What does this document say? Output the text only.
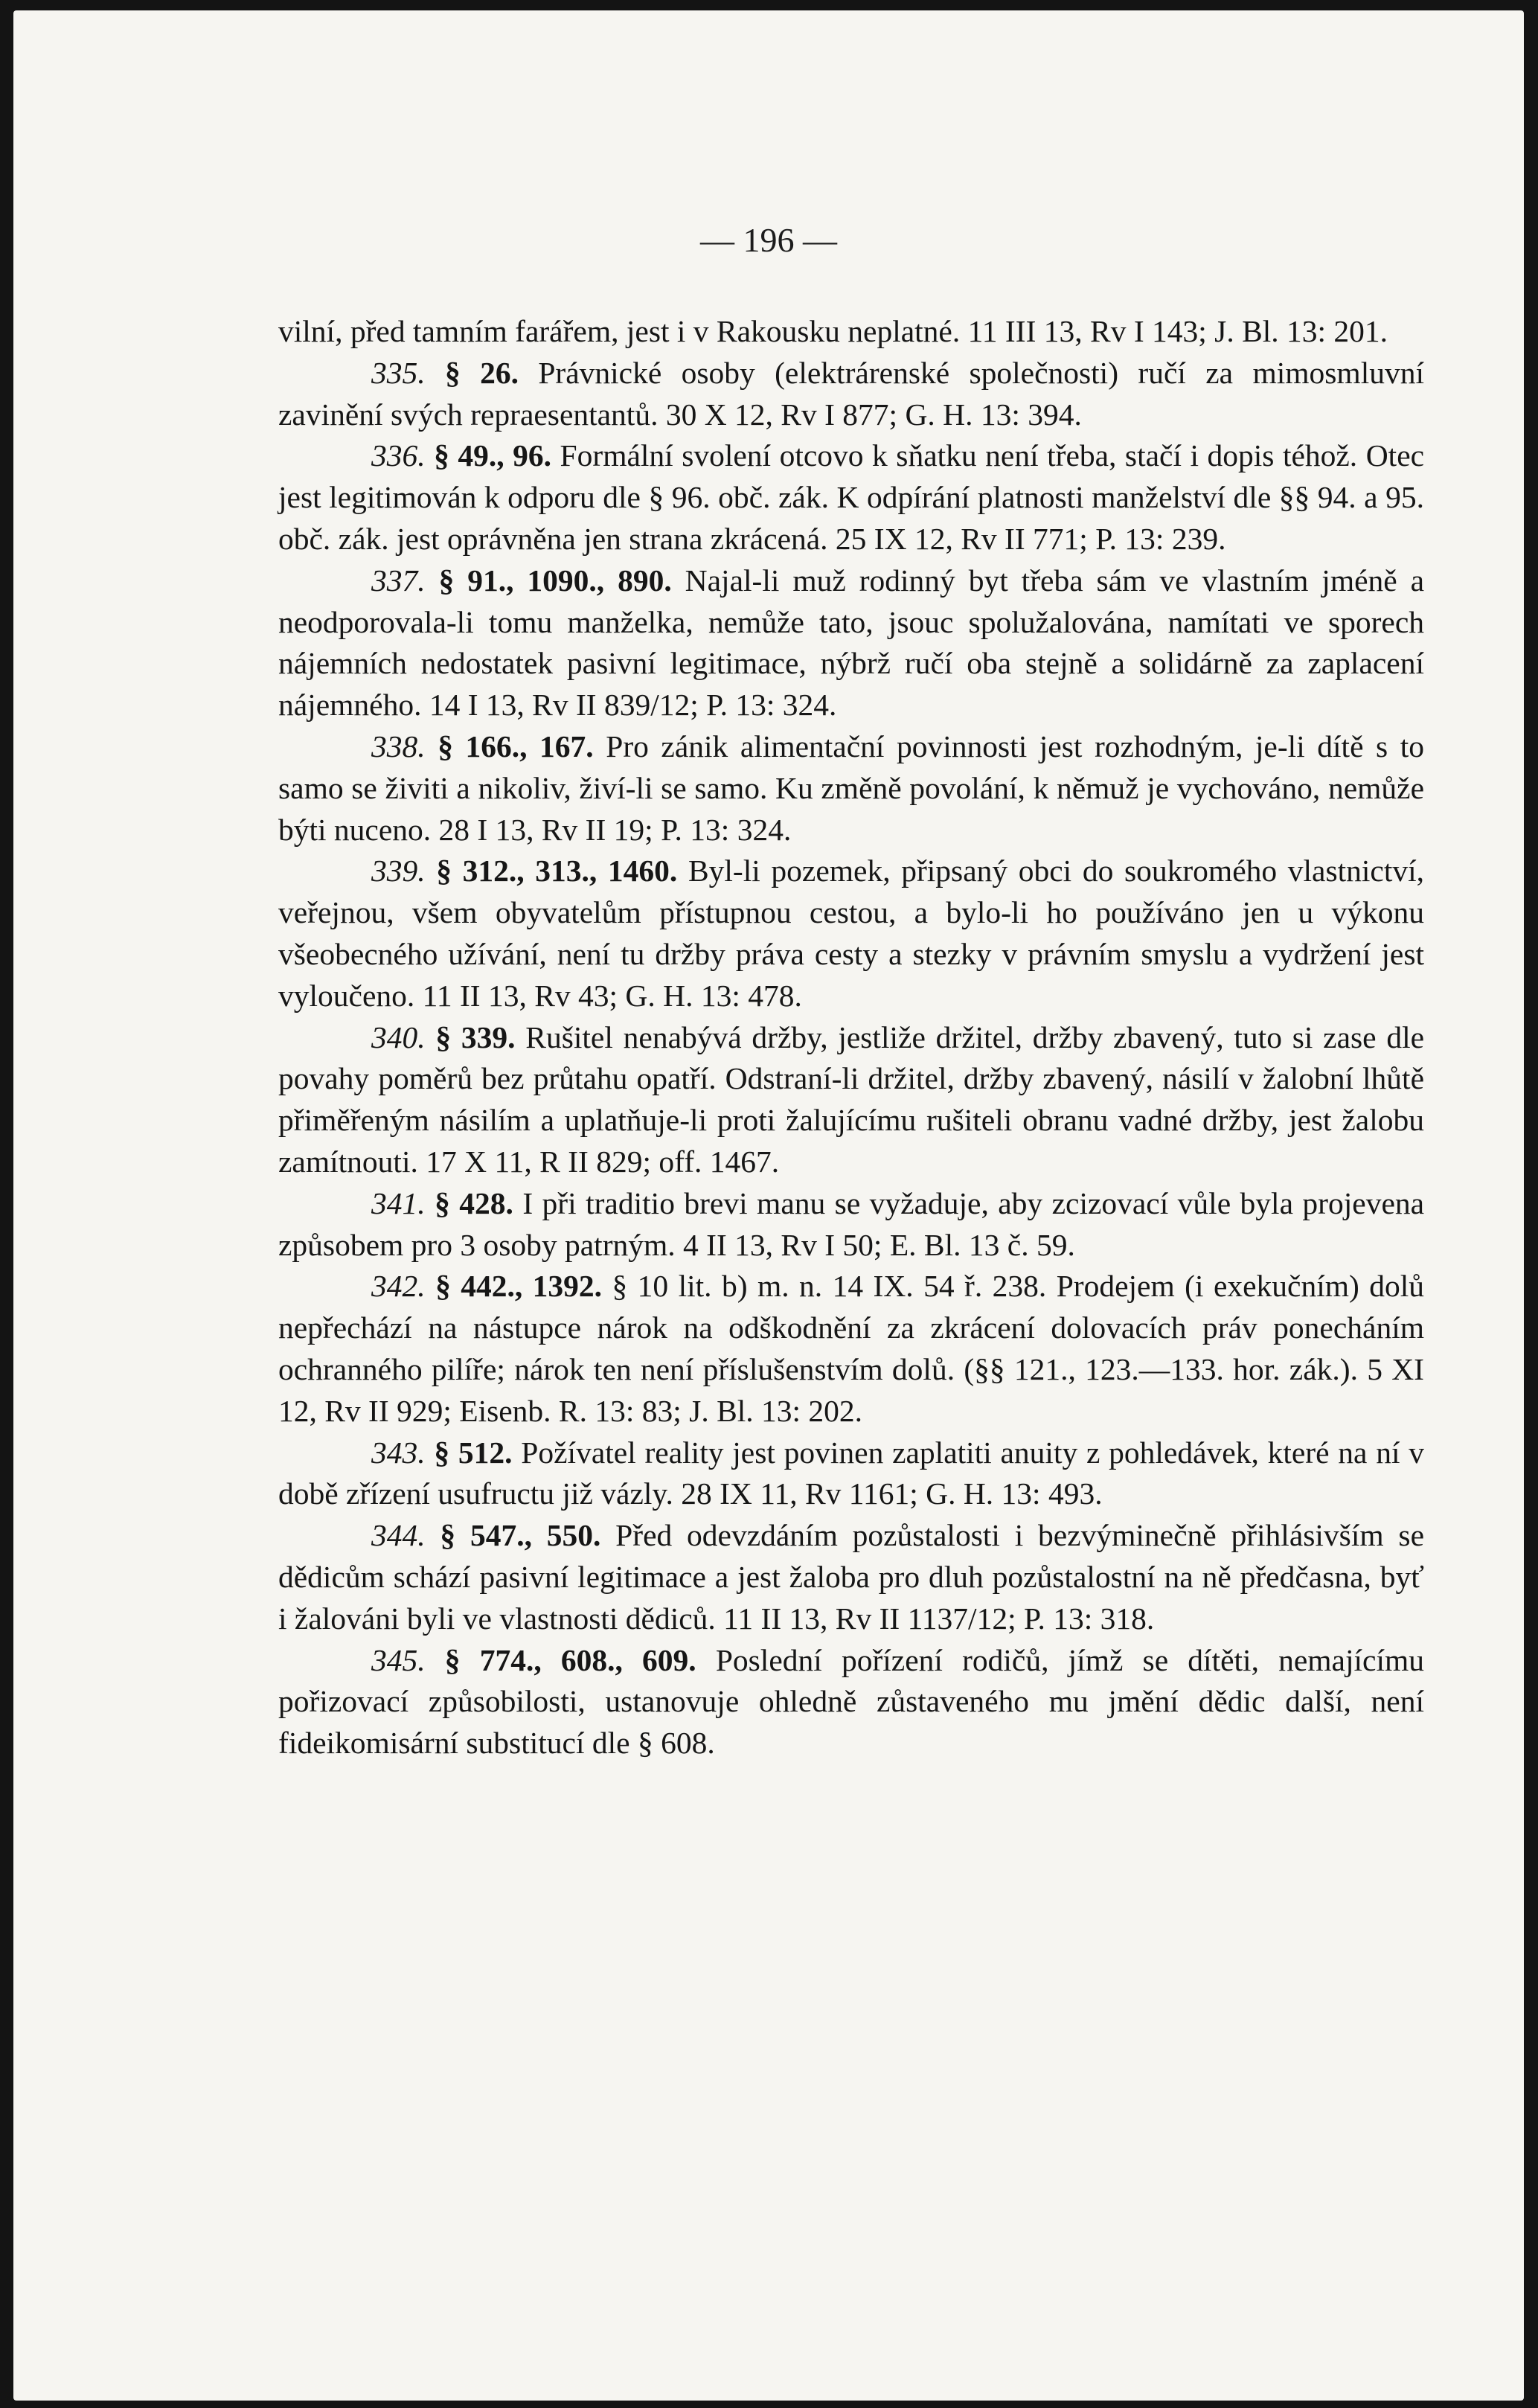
— 196 —

vilní, před tamním farářem, jest i v Rakousku neplatné. 11 III 13, Rv I 143; J. Bl. 13: 201.

335. § 26. Právnické osoby (elektrárenské společnosti) ručí za mimosmluvní zavinění svých repraesentantů. 30 X 12, Rv I 877; G. H. 13: 394.

336. § 49., 96. Formální svolení otcovo k sňatku není třeba, stačí i dopis téhož. Otec jest legitimován k odporu dle § 96. obč. zák. K odpírání platnosti manželství dle §§ 94. a 95. obč. zák. jest oprávněna jen strana zkrácená. 25 IX 12, Rv II 771; P. 13: 239.

337. § 91., 1090., 890. Najal-li muž rodinný byt třeba sám ve vlastním jméně a neodporovala-li tomu manželka, nemůže tato, jsouc spolužalována, namítati ve sporech nájemních nedostatek pasivní legitimace, nýbrž ručí oba stejně a solidárně za zaplacení nájemného. 14 I 13, Rv II 839/12; P. 13: 324.

338. § 166., 167. Pro zánik alimentační povinnosti jest rozhodným, je-li dítě s to samo se živiti a nikoliv, živí-li se samo. Ku změně povolání, k němuž je vychováno, nemůže býti nuceno. 28 I 13, Rv II 19; P. 13: 324.

339. § 312., 313., 1460. Byl-li pozemek, připsaný obci do soukromého vlastnictví, veřejnou, všem obyvatelům přístupnou cestou, a bylo-li ho používáno jen u výkonu všeobecného užívání, není tu držby práva cesty a stezky v právním smyslu a vydržení jest vyloučeno. 11 II 13, Rv 43; G. H. 13: 478.

340. § 339. Rušitel nenabývá držby, jestliže držitel, držby zbavený, tuto si zase dle povahy poměrů bez průtahu opatří. Odstraní-li držitel, držby zbavený, násilí v žalobní lhůtě přiměřeným násilím a uplatňuje-li proti žalujícímu rušiteli obranu vadné držby, jest žalobu zamítnouti. 17 X 11, R II 829; off. 1467.

341. § 428. I při traditio brevi manu se vyžaduje, aby zcizovací vůle byla projevena způsobem pro 3 osoby patrným. 4 II 13, Rv I 50; E. Bl. 13 č. 59.

342. § 442., 1392. § 10 lit. b) m. n. 14 IX. 54 ř. 238. Prodejem (i exekučním) dolů nepřechází na nástupce nárok na odškodnění za zkrácení dolovacích práv ponecháním ochranného pilíře; nárok ten není příslušenstvím dolů. (§§ 121., 123.—133. hor. zák.). 5 XI 12, Rv II 929; Eisenb. R. 13: 83; J. Bl. 13: 202.

343. § 512. Požívatel reality jest povinen zaplatiti anuity z pohledávek, které na ní v době zřízení usufructu již vázly. 28 IX 11, Rv 1161; G. H. 13: 493.

344. § 547., 550. Před odevzdáním pozůstalosti i bezvýminečně přihlásivším se dědicům schází pasivní legitimace a jest žaloba pro dluh pozůstalostní na ně předčasna, byť i žalováni byli ve vlastnosti dědiců. 11 II 13, Rv II 1137/12; P. 13: 318.

345. § 774., 608., 609. Poslední pořízení rodičů, jímž se dítěti, nemajícímu pořizovací způsobilosti, ustanovuje ohledně zůstaveného mu jmění dědic další, není fideikomisární substitucí dle § 608.
